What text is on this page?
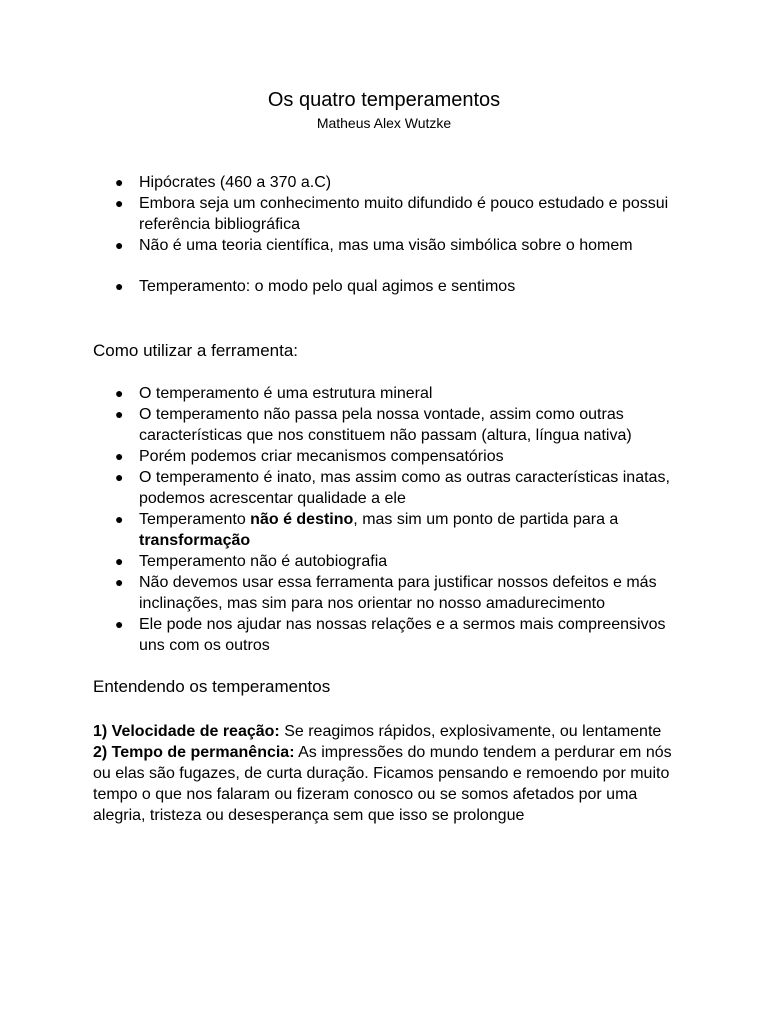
Os quatro temperamentos
Matheus Alex Wutzke
● Hipócrates (460 a 370 a.C)
● Embora seja um conhecimento muito difundido é pouco estudado e possui referência bibliográfica
● Não é uma teoria científica, mas uma visão simbólica sobre o homem
● Temperamento: o modo pelo qual agimos e sentimos
Como utilizar a ferramenta:
● O temperamento é uma estrutura mineral
● O temperamento não passa pela nossa vontade, assim como outras características que nos constituem não passam (altura, língua nativa)
● Porém podemos criar mecanismos compensatórios
● O temperamento é inato, mas assim como as outras características inatas, podemos acrescentar qualidade a ele
● Temperamento não é destino, mas sim um ponto de partida para a transformação
● Temperamento não é autobiografia
● Não devemos usar essa ferramenta para justificar nossos defeitos e más inclinações, mas sim para nos orientar no nosso amadurecimento
● Ele pode nos ajudar nas nossas relações e a sermos mais compreensivos uns com os outros
Entendendo os temperamentos
1) Velocidade de reação: Se reagimos rápidos, explosivamente, ou lentamente
2) Tempo de permanência: As impressões do mundo tendem a perdurar em nós ou elas são fugazes, de curta duração. Ficamos pensando e remoendo por muito tempo o que nos falaram ou fizeram conosco ou se somos afetados por uma alegria, tristeza ou desesperança sem que isso se prolongue
